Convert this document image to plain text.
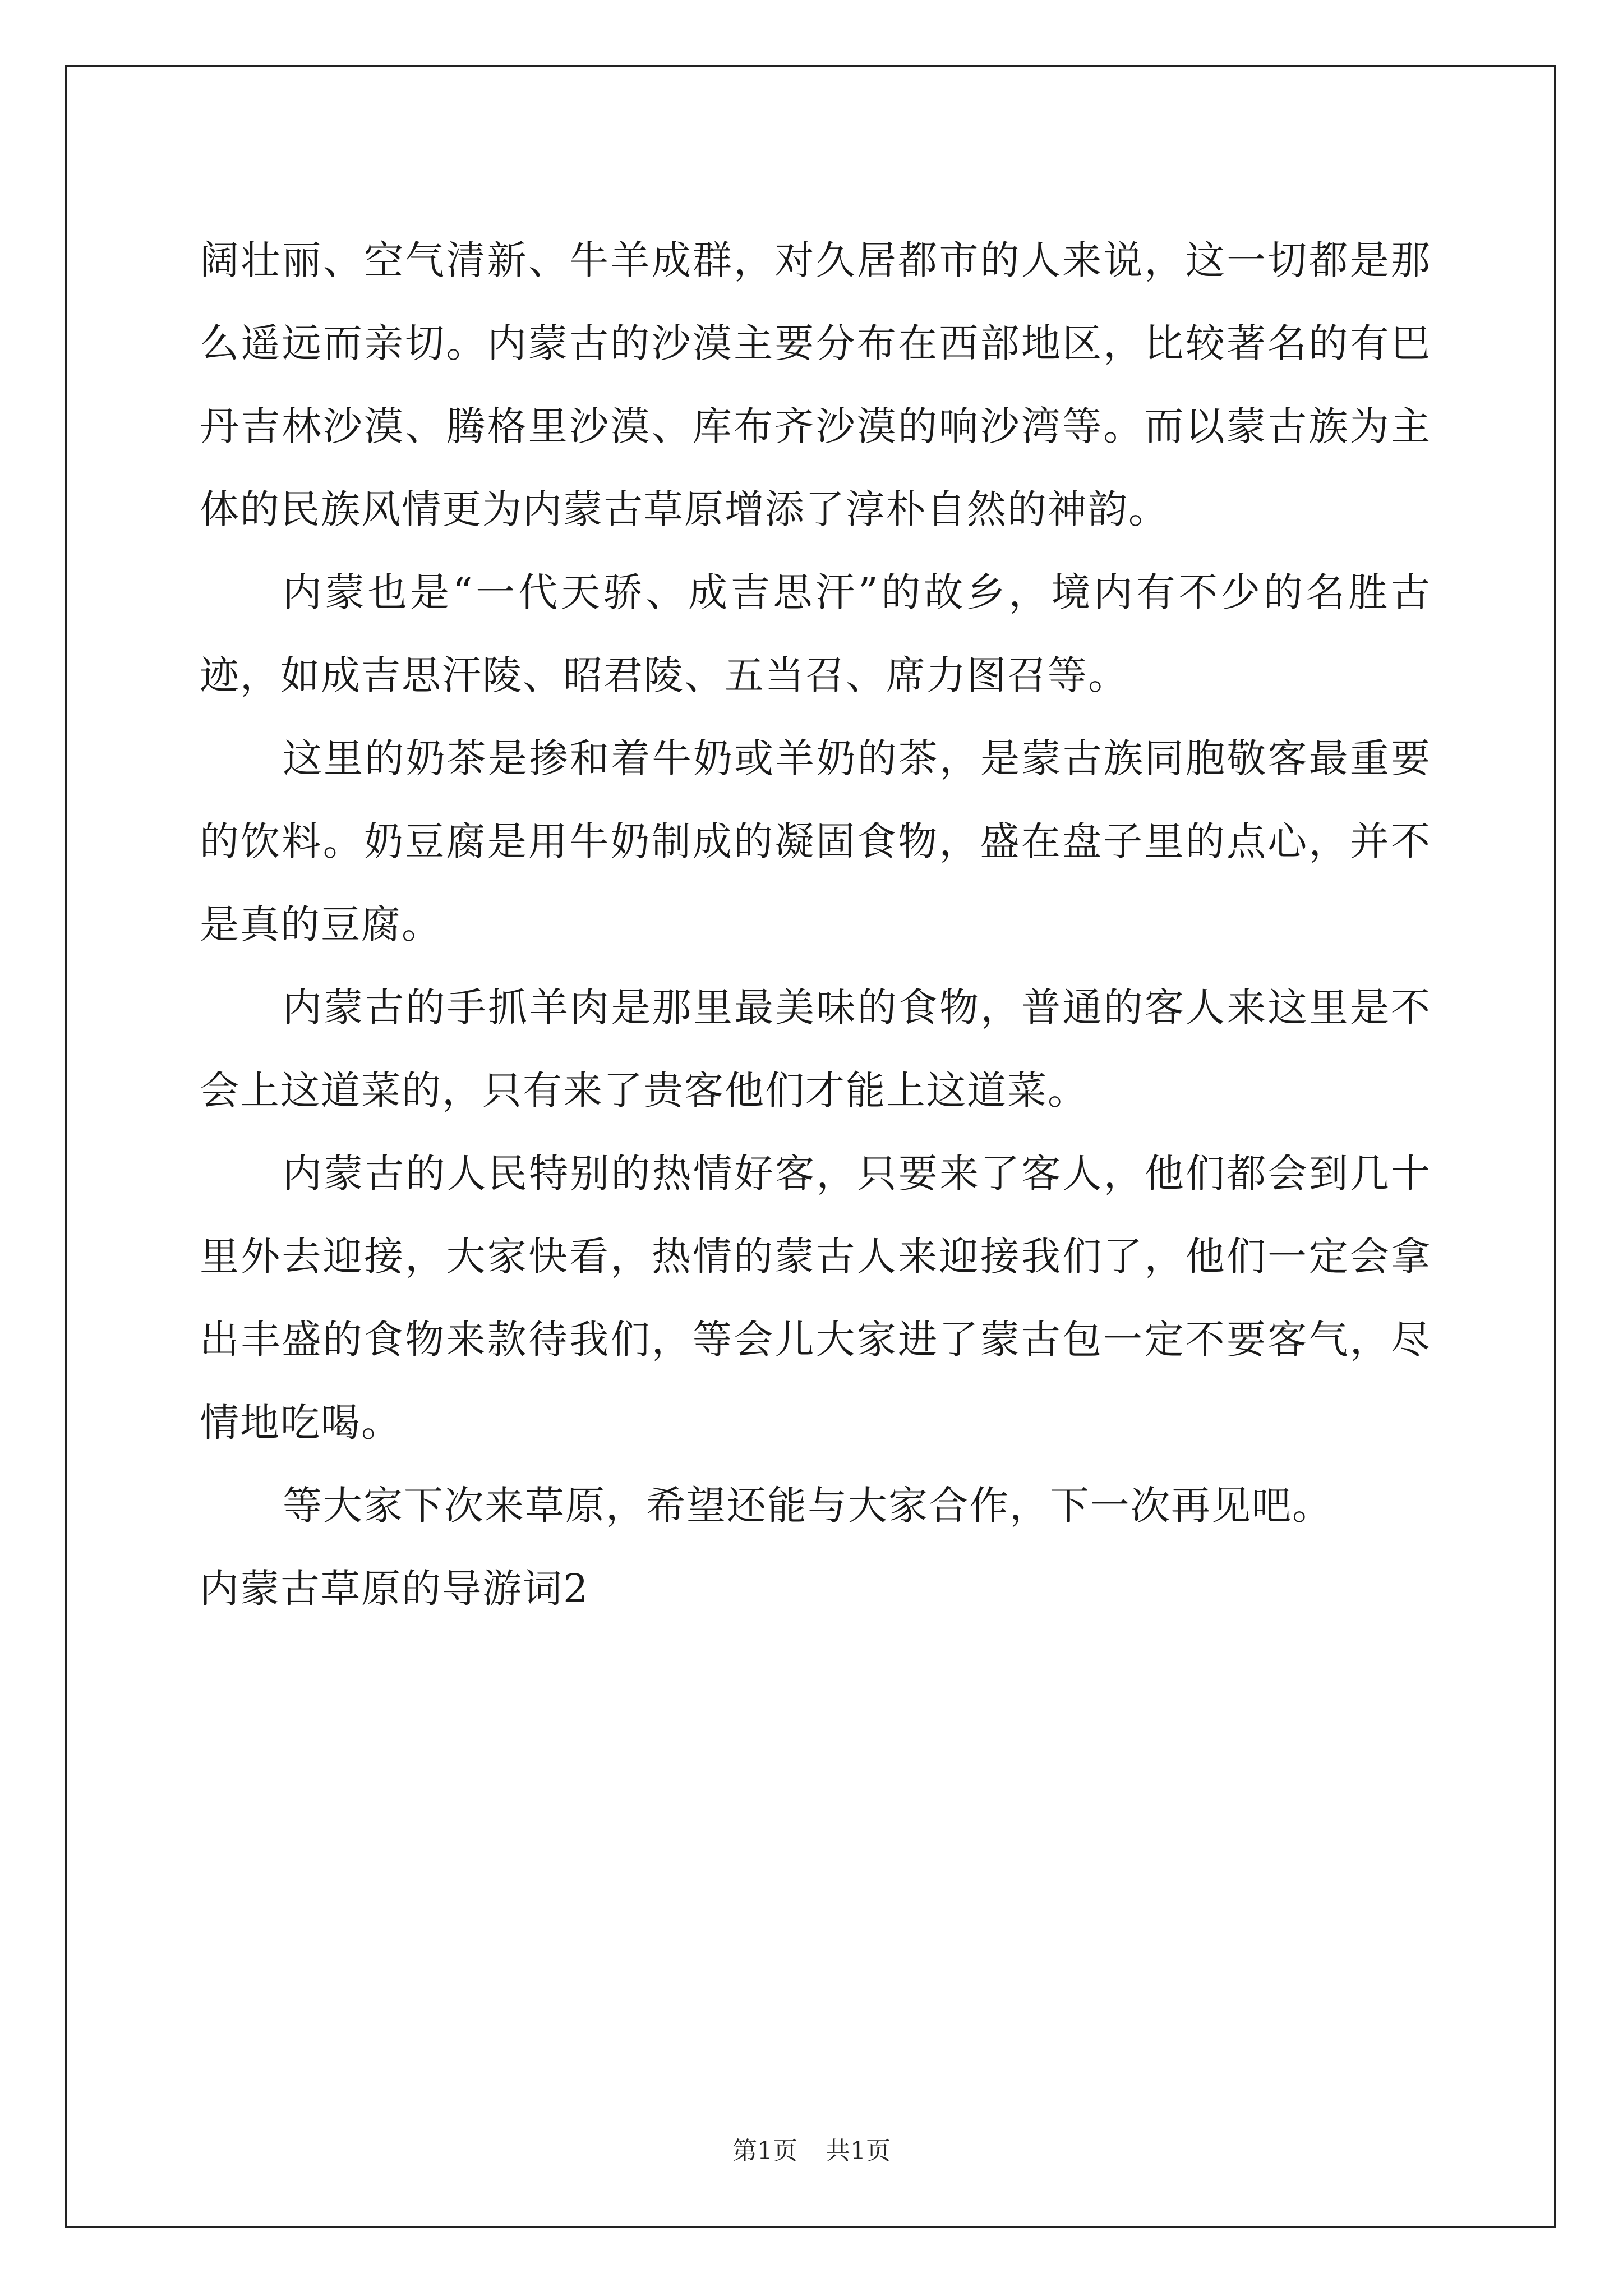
阔壮丽、空气清新、牛羊成群，对久居都市的人来说，这一切都是那么遥远而亲切。内蒙古的沙漠主要分布在西部地区，比较著名的有巴丹吉林沙漠、腾格里沙漠、库布齐沙漠的响沙湾等。而以蒙古族为主体的民族风情更为内蒙古草原增添了淳朴自然的神韵。

内蒙也是“一代天骄、成吉思汗”的故乡，境内有不少的名胜古迹，如成吉思汗陵、昭君陵、五当召、席力图召等。

这里的奶茶是掺和着牛奶或羊奶的茶，是蒙古族同胞敬客最重要的饮料。奶豆腐是用牛奶制成的凝固食物，盛在盘子里的点心，并不是真的豆腐。

内蒙古的手抓羊肉是那里最美味的食物，普通的客人来这里是不会上这道菜的，只有来了贵客他们才能上这道菜。

内蒙古的人民特别的热情好客，只要来了客人，他们都会到几十里外去迎接，大家快看，热情的蒙古人来迎接我们了，他们一定会拿出丰盛的食物来款待我们，等会儿大家进了蒙古包一定不要客气，尽情地吃喝。

等大家下次来草原，希望还能与大家合作，下一次再见吧。

内蒙古草原的导游词2

第1页 共1页
